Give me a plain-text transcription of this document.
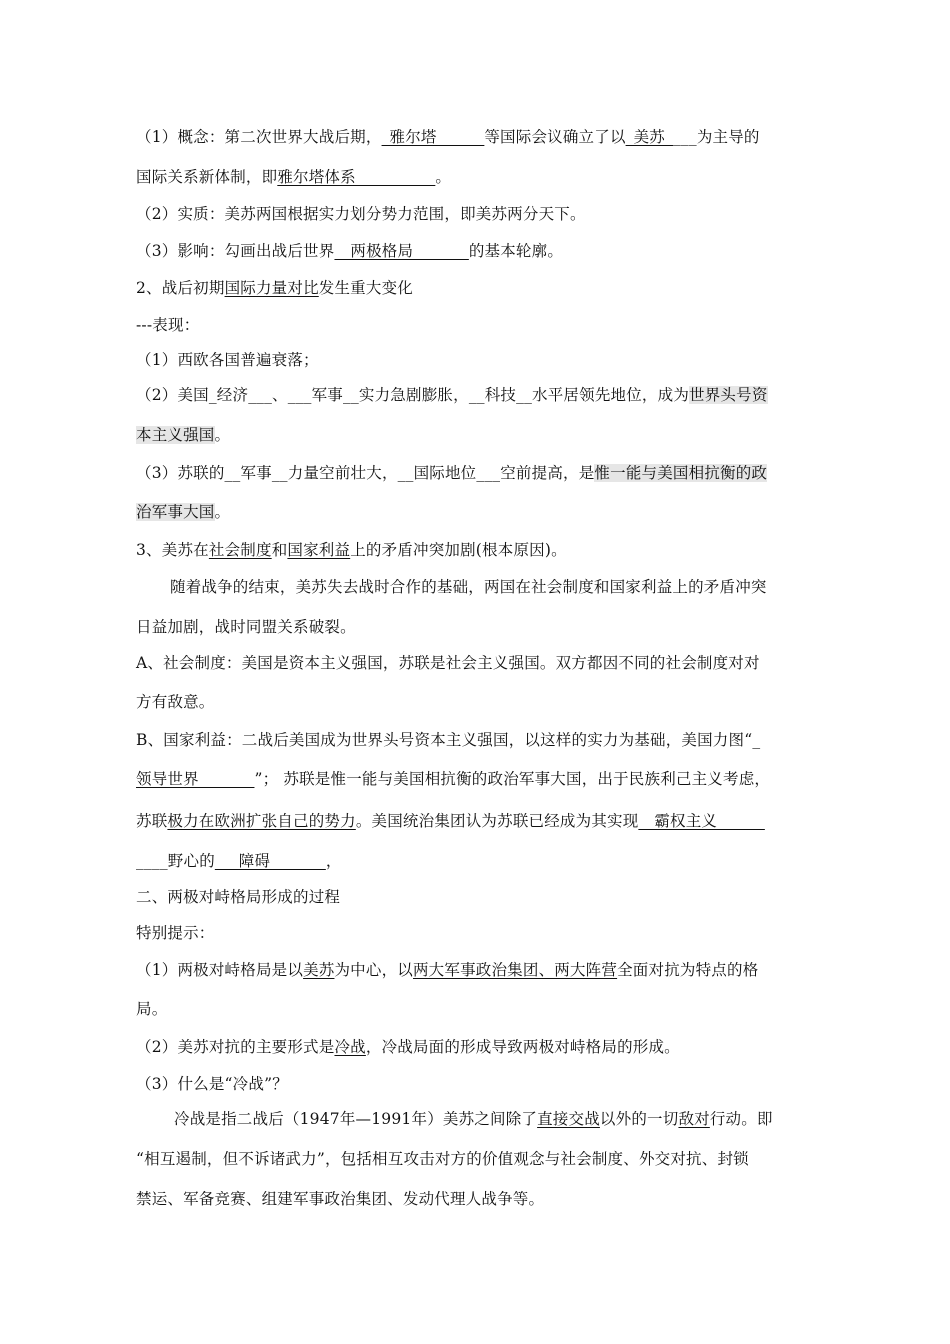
（1）概念：第二次世界大战后期，_雅尔塔______等国际会议确立了以_美苏____为主导的
国际关系新体制，即雅尔塔体系__________。
（2）实质：美苏两国根据实力划分势力范围，即美苏两分天下。
（3）影响：勾画出战后世界__两极格局_______的基本轮廓。
2、战后初期国际力量对比发生重大变化
---表现：
（1）西欧各国普遍衰落；
（2）美国_经济___、___军事__实力急剧膨胀，__科技__水平居领先地位，成为世界头号资
本主义强国。
（3）苏联的__军事__力量空前壮大，__国际地位___空前提高，是惟一能与美国相抗衡的政
治军事大国。
3、美苏在社会制度和国家利益上的矛盾冲突加剧(根本原因)。
随着战争的结束，美苏失去战时合作的基础，两国在社会制度和国家利益上的矛盾冲突
日益加剧，战时同盟关系破裂。
A、社会制度：美国是资本主义强国，苏联是社会主义强国。双方都因不同的社会制度对对
方有敌意。
B、国家利益：二战后美国成为世界头号资本主义强国，以这样的实力为基础，美国力图“_
领导世界_______”； 苏联是惟一能与美国相抗衡的政治军事大国，出于民族利己主义考虑，
苏联极力在欧洲扩张自己的势力。美国统治集团认为苏联已经成为其实现__霸权主义______
____野心的___障碍_______，
二、两极对峙格局形成的过程
特别提示：
（1）两极对峙格局是以美苏为中心，以两大军事政治集团、两大阵营全面对抗为特点的格
局。
（2）美苏对抗的主要形式是冷战，冷战局面的形成导致两极对峙格局的形成。
（3）什么是“冷战”？
冷战是指二战后（1947年—1991年）美苏之间除了直接交战以外的一切敌对行动。即
“相互遏制，但不诉诸武力”，包括相互攻击对方的价值观念与社会制度、外交对抗、封锁
禁运、军备竞赛、组建军事政治集团、发动代理人战争等。
